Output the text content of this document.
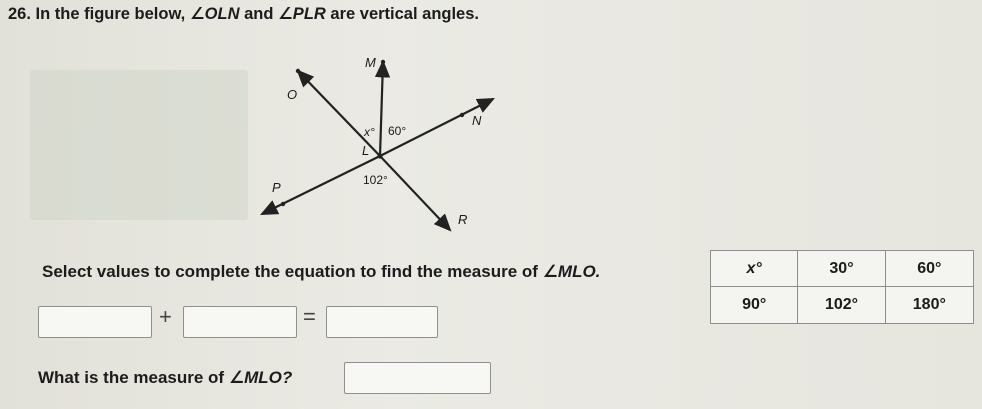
26. In the figure below, ∠OLN and ∠PLR are vertical angles.
M
O
N
L
P
R
x° 60°
102°
Select values to complete the equation to find the measure of ∠MLO.
+	=
x°	30°	60°
90°	102°	180°
What is the measure of ∠MLO?
